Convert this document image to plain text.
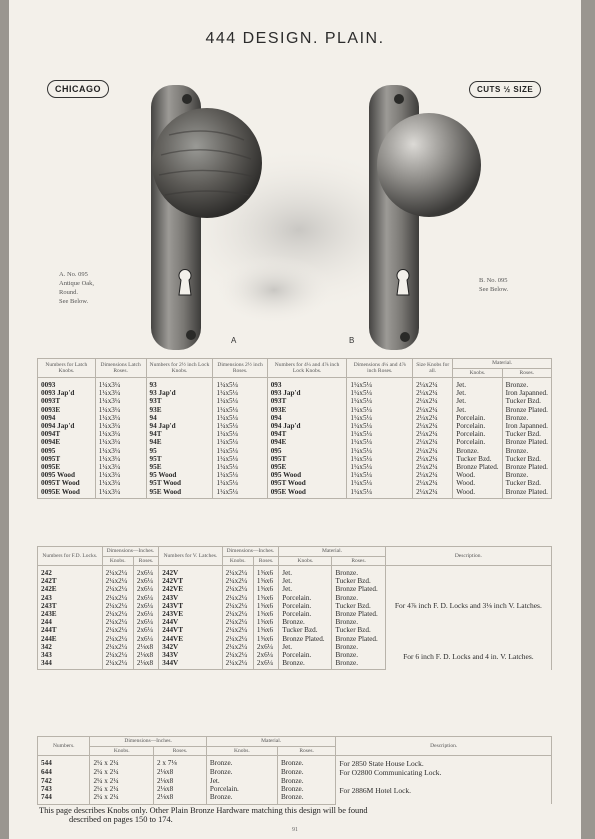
444 DESIGN. PLAIN.
CHICAGO	CUTS ½ SIZE
A	B
A. No. 095
Antique Oak,
Round.
See Below.
B. No. 095
See Below.
Numbers for Latch Knobs.	Dimensions Latch Roses.	Numbers for 2½ inch Lock Knobs.	Dimensions 2½ inch Roses.	Numbers for 4¼ and 4⅞ inch Lock Knobs.	Dimensions 4¼ and 4⅞ inch Roses.	Size Knobs for all.	Material.	
							Knobs.	Roses.
0093	1¼x3¼	93	1¼x5¼	093	1¼x5¼	2¼x2¼	Jet.	Bronze.
0093 Jap'd	1¼x3¼	93 Jap'd	1¼x5¼	093 Jap'd	1¼x5¼	2¼x2¼	Jet.	Iron Japanned.
0093T	1¼x3¼	93T	1¼x5¼	093T	1¼x5¼	2¼x2¼	Jet.	Tucker Bzd.
0093E	1¼x3¼	93E	1¼x5¼	093E	1¼x5¼	2¼x2¼	Jet.	Bronze Plated.
0094	1¼x3¼	94	1¼x5¼	094	1¼x5¼	2¼x2¼	Porcelain.	Bronze.
0094 Jap'd	1¼x3¼	94 Jap'd	1¼x5¼	094 Jap'd	1¼x5¼	2¼x2¼	Porcelain.	Iron Japanned.
0094T	1¼x3¼	94T	1¼x5¼	094T	1¼x5¼	2¼x2¼	Porcelain.	Tucker Bzd.
0094E	1¼x3¼	94E	1¼x5¼	094E	1¼x5¼	2¼x2¼	Porcelain.	Bronze Plated.
0095	1¼x3¼	95	1¼x5¼	095	1¼x5¼	2¼x2¼	Bronze.	Bronze.
0095T	1¼x3¼	95T	1¼x5¼	095T	1¼x5¼	2¼x2¼	Tucker Bzd.	Tucker Bzd.
0095E	1¼x3¼	95E	1¼x5¼	095E	1¼x5¼	2¼x2¼	Bronze Plated.	Bronze Plated.
0095 Wood	1¼x3¼	95 Wood	1¼x5¼	095 Wood	1¼x5¼	2¼x2¼	Wood.	Bronze.
0095T Wood	1¼x3¼	95T Wood	1¼x5¼	095T Wood	1¼x5¼	2¼x2¼	Wood.	Tucker Bzd.
0095E Wood	1¼x3¼	95E Wood	1¼x5¼	095E Wood	1¼x5¼	2¼x2¼	Wood.	Bronze Plated.
Numbers for F.D. Locks.	Dimensions—Inches.		Numbers for V. Latches.	Dimensions—Inches.		Material.		Description.
	Knobs.	Roses.		Knobs.	Roses.	Knobs.	Roses.	
242	2¼x2¼	2x6¼	242V	2¼x2¼	1⅝x6	Jet.	Bronze.	For 4⅞ inch F. D. Locks and 3⅛ inch V. Latches.
242T	2¼x2¼	2x6¼	242VT	2¼x2¼	1⅝x6	Jet.	Tucker Bzd.	
242E	2¼x2¼	2x6¼	242VE	2¼x2¼	1⅝x6	Jet.	Bronze Plated.	
243	2¼x2¼	2x6¼	243V	2¼x2¼	1⅝x6	Porcelain.	Bronze.	
243T	2¼x2¼	2x6¼	243VT	2¼x2¼	1⅝x6	Porcelain.	Tucker Bzd.	
243E	2¼x2¼	2x6¼	243VE	2¼x2¼	1⅝x6	Porcelain.	Bronze Plated.	
244	2¼x2¼	2x6¼	244V	2¼x2¼	1⅝x6	Bronze.	Bronze.	
244T	2¼x2¼	2x6¼	244VT	2¼x2¼	1⅝x6	Tucker Bzd.	Tucker Bzd.	
244E	2¼x2¼	2x6¼	244VE	2¼x2¼	1⅝x6	Bronze Plated.	Bronze Plated.	
342	2¼x2¼	2⅛x8	342V	2¼x2¼	2x6¼	Jet.	Bronze.	For 6 inch F. D. Locks and 4 in. V. Latches.
343	2¼x2¼	2⅛x8	343V	2¼x2¼	2x6¼	Porcelain.	Bronze.	
344	2¼x2¼	2⅛x8	344V	2¼x2¼	2x6¼	Bronze.	Bronze.	
Numbers.	Dimensions—Inches.		Material.		Description.
	Knobs.	Roses.	Knobs.	Roses.	
544	2¼ x 2¼	2 x 7⅛	Bronze.	Bronze.	For 2850 State House Lock.
644	2¼ x 2¼	2⅛x8	Bronze.	Bronze.	For O2800 Communicating Lock.
742	2¼ x 2¼	2⅛x8	Jet.	Bronze.	For 2886M Hotel Lock.
743	2¼ x 2¼	2⅛x8	Porcelain.	Bronze.	
744	2¼ x 2¼	2⅛x8	Bronze.	Bronze.	
This page describes Knobs only. Other Plain Bronze Hardware matching this design will be found
described on pages 150 to 174.
91
